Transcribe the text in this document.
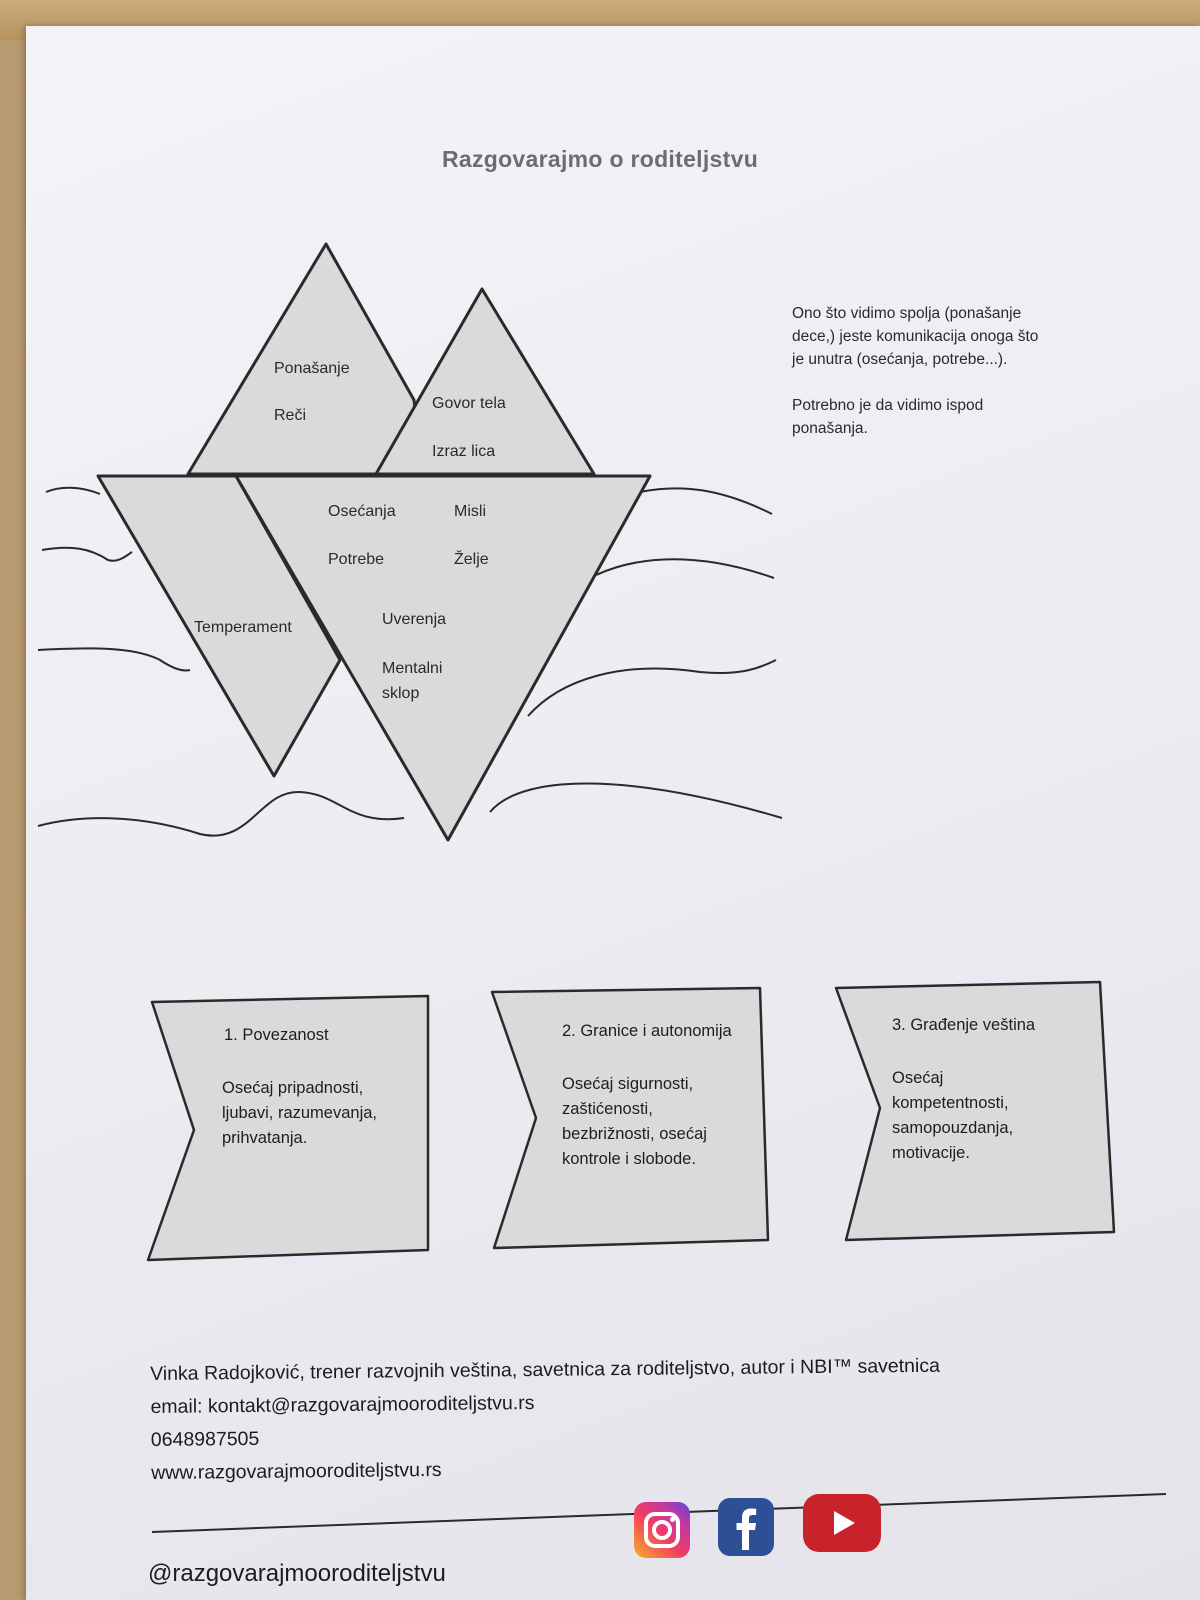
Razgovarajmo o roditeljstvu
Ponašanje
Reči
Govor tela
Izraz lica
Osećanja	Misli
Potrebe	Želje
Temperament	Uverenja
Mentalni
sklop
Ono što vidimo spolja (ponašanje
dece,) jeste komunikacija onoga što
je unutra (osećanja, potrebe...).
Potrebno je da vidimo ispod
ponašanja.
1. Povezanost
Osećaj pripadnosti,
ljubavi, razumevanja,
prihvatanja.
2. Granice i autonomija
Osećaj sigurnosti,
zaštićenosti,
bezbrižnosti, osećaj
kontrole i slobode.
3. Građenje veština
Osećaj
kompetentnosti,
samopouzdanja,
motivacije.
Vinka Radojković, trener razvojnih veština, savetnica za roditeljstvo, autor i NBI™ savetnica
email: kontakt@razgovarajmooroditeljstvu.rs
0648987505
www.razgovarajmooroditeljstvu.rs
@razgovarajmooroditeljstvu
